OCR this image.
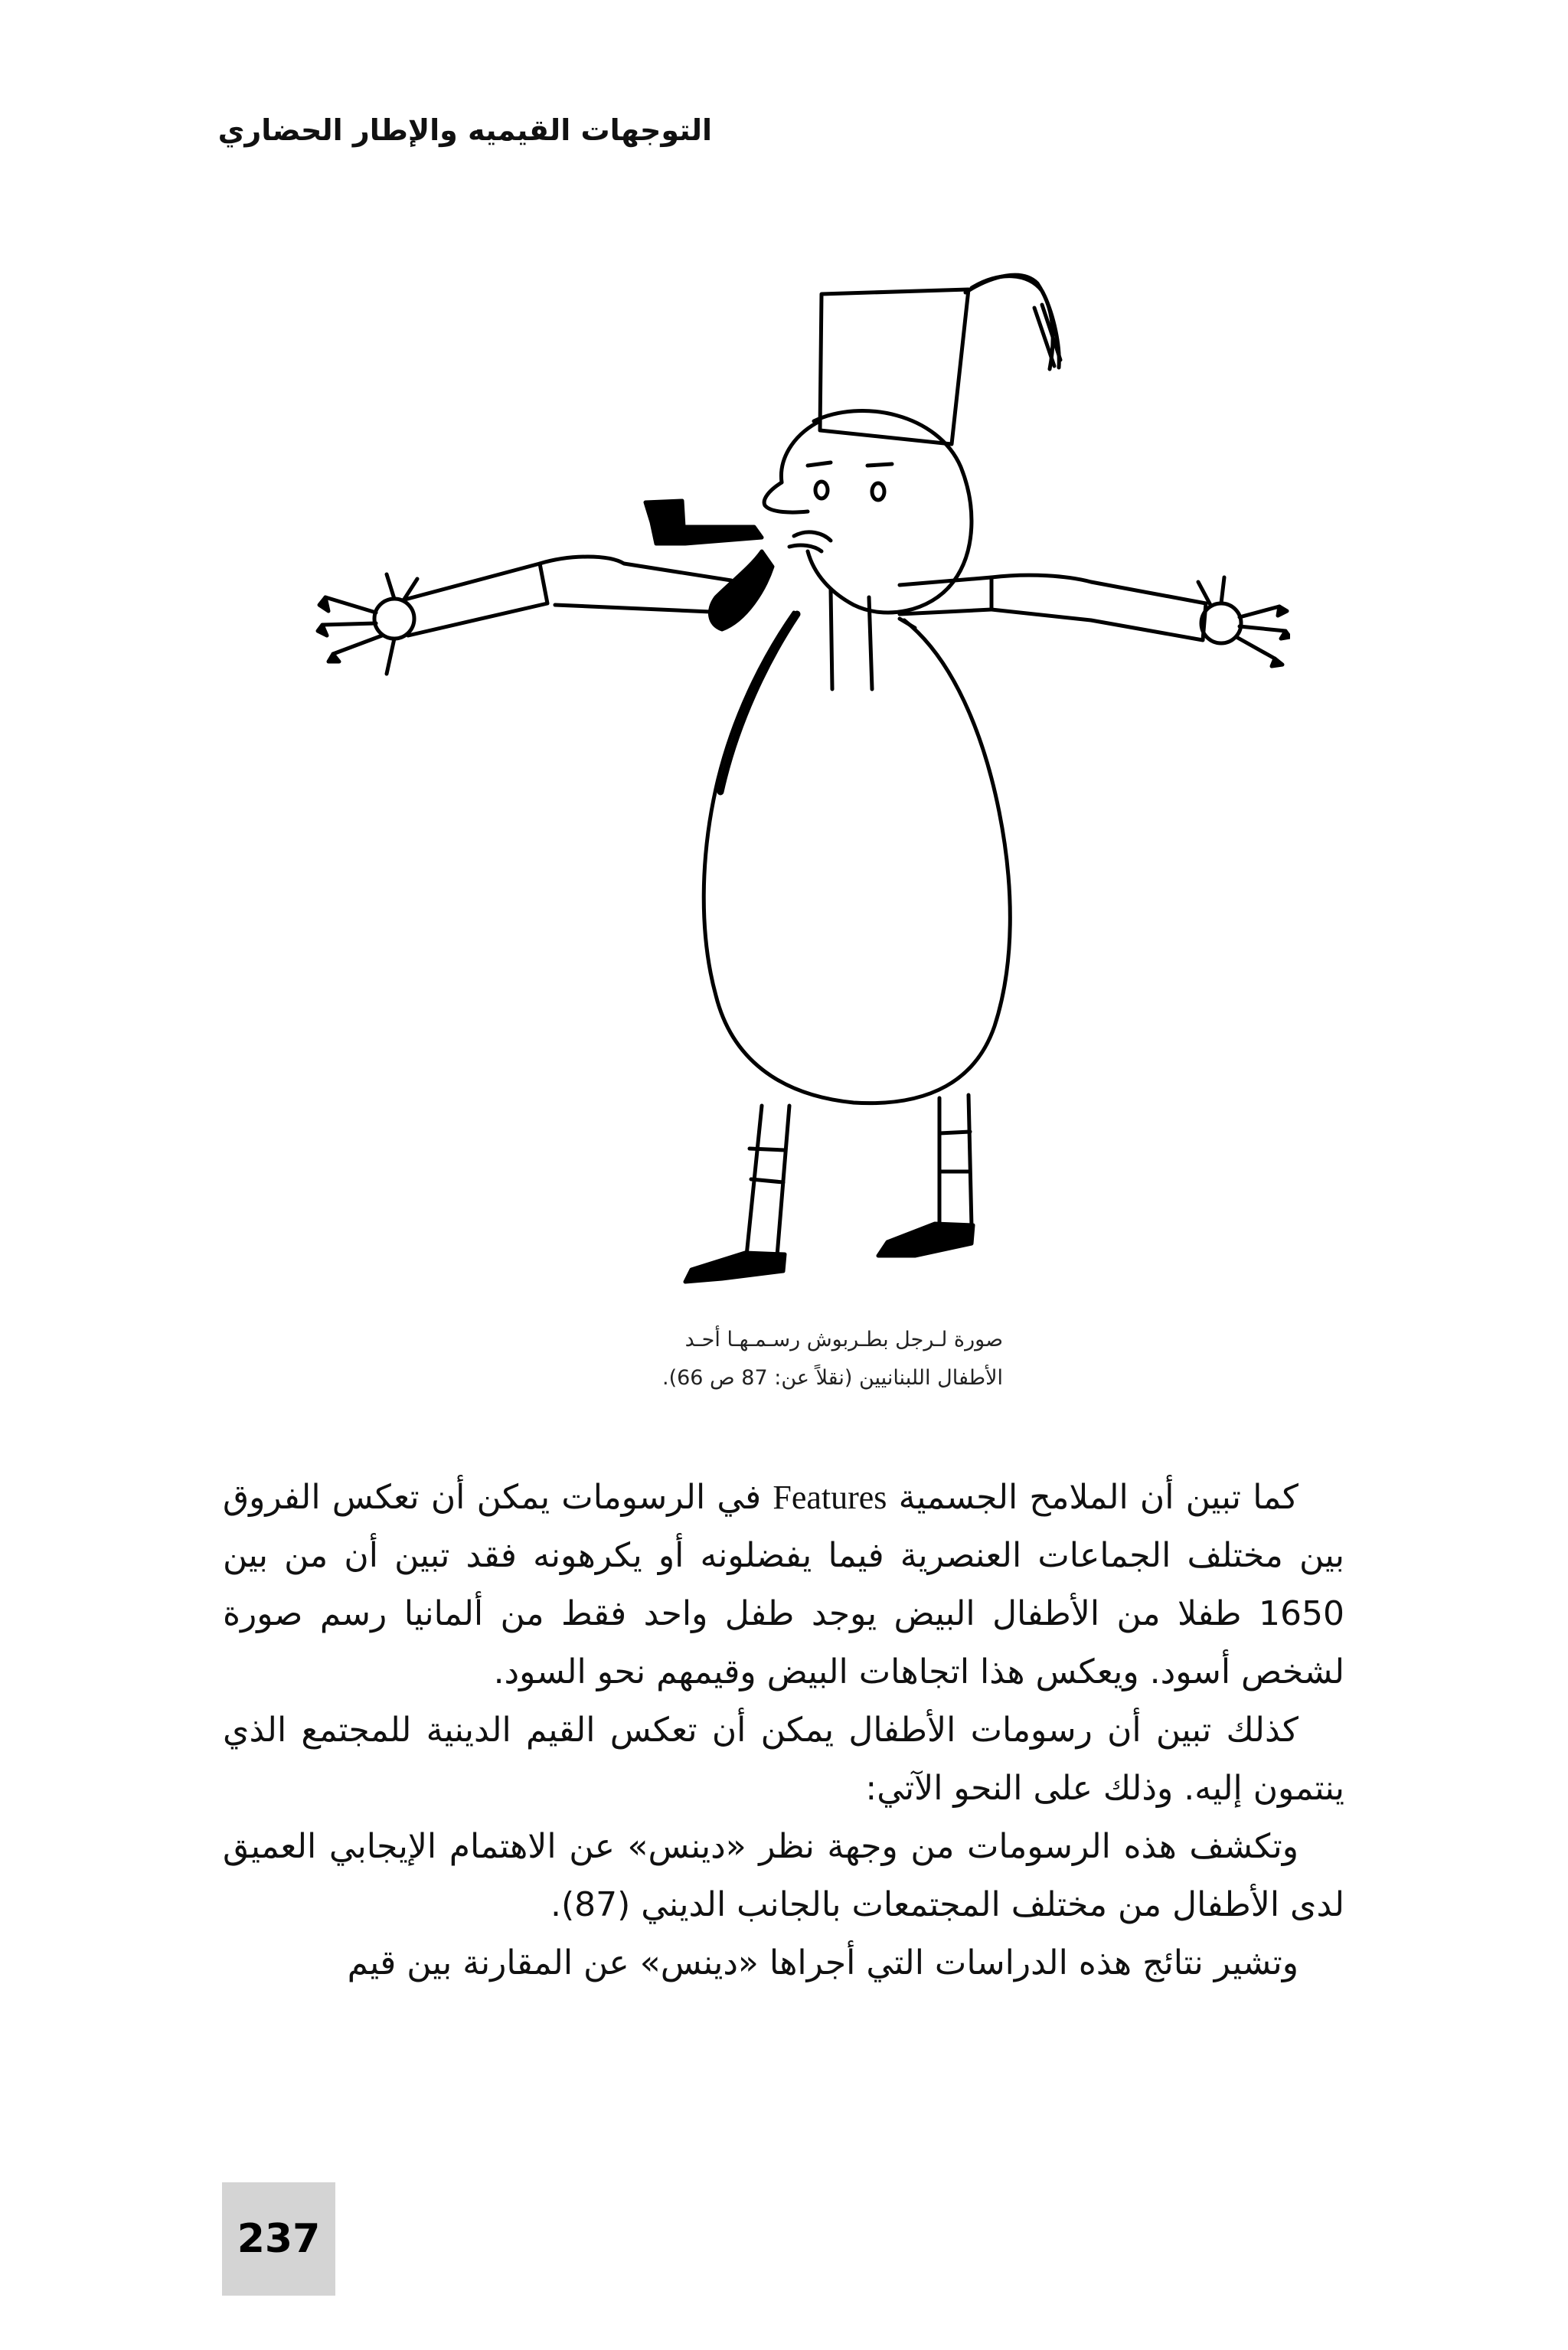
التوجهات القيميه والإطار الحضاري

صورة لـرجل بطـربوش رسـمـهـا أحـد

الأطفال اللبنانيين (نقلاً عن: 87 ص 66).

كما تبين أن الملامح الجسمية Features في الرسومات يمكن أن تعكس الفروق بين مختلف الجماعات العنصرية فيما يفضلونه أو يكرهونه فقد تبين أن من بين 1650 طفلا من الأطفال البيض يوجد طفل واحد فقط من ألمانيا رسم صورة لشخص أسود. ويعكس هذا اتجاهات البيض وقيمهم نحو السود.

كذلك تبين أن رسومات الأطفال يمكن أن تعكس القيم الدينية للمجتمع الذي ينتمون إليه. وذلك على النحو الآتي:

وتكشف هذه الرسومات من وجهة نظر «دينس» عن الاهتمام الإيجابي العميق لدى الأطفال من مختلف المجتمعات بالجانب الديني (87).

وتشير نتائج هذه الدراسات التي أجراها «دينس» عن المقارنة بين قيم

237
